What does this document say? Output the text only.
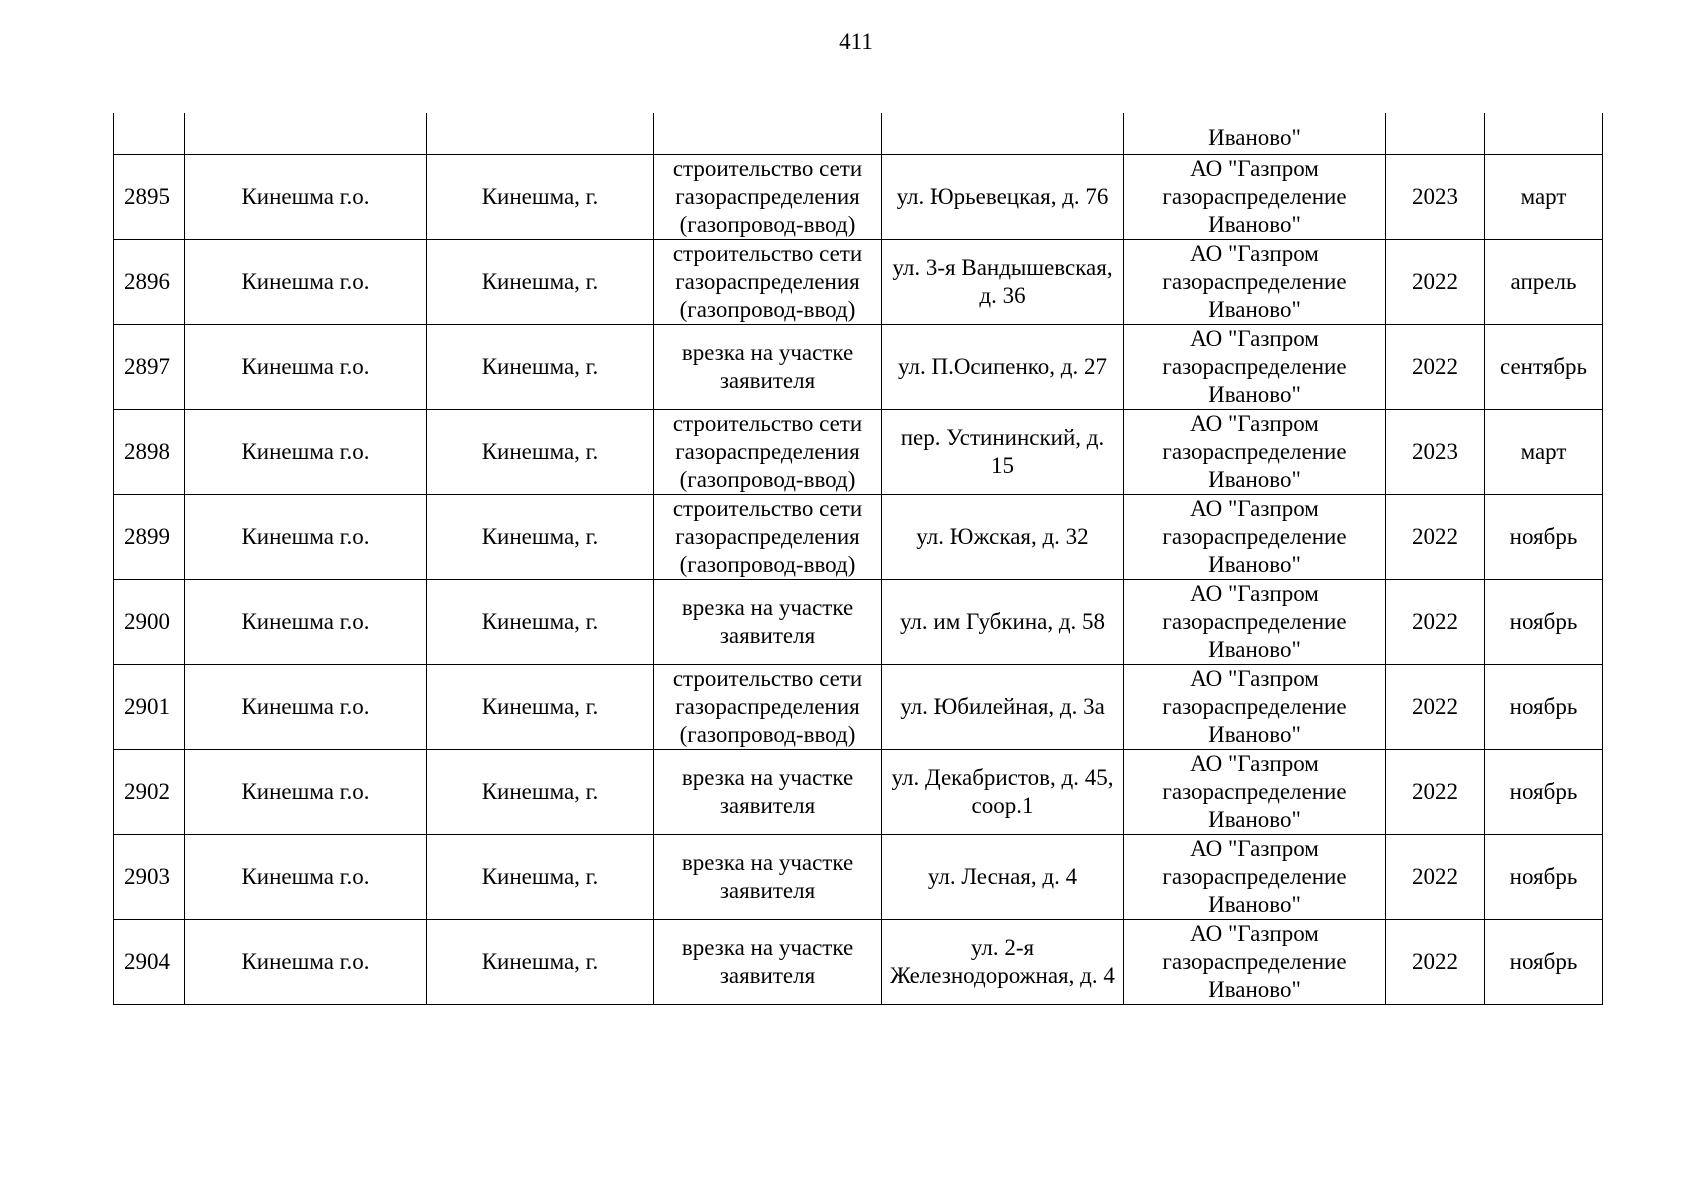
411
					Иваново"		
2895	Кинешма г.о.	Кинешма, г.	строительство сети газораспределения (газопровод-ввод)	ул. Юрьевецкая, д. 76	АО "Газпром газораспределение Иваново"	2023	март
2896	Кинешма г.о.	Кинешма, г.	строительство сети газораспределения (газопровод-ввод)	ул. 3-я Вандышевская, д. 36	АО "Газпром газораспределение Иваново"	2022	апрель
2897	Кинешма г.о.	Кинешма, г.	врезка на участке заявителя	ул. П.Осипенко, д. 27	АО "Газпром газораспределение Иваново"	2022	сентябрь
2898	Кинешма г.о.	Кинешма, г.	строительство сети газораспределения (газопровод-ввод)	пер. Устининский, д. 15	АО "Газпром газораспределение Иваново"	2023	март
2899	Кинешма г.о.	Кинешма, г.	строительство сети газораспределения (газопровод-ввод)	ул. Южская, д. 32	АО "Газпром газораспределение Иваново"	2022	ноябрь
2900	Кинешма г.о.	Кинешма, г.	врезка на участке заявителя	ул. им Губкина, д. 58	АО "Газпром газораспределение Иваново"	2022	ноябрь
2901	Кинешма г.о.	Кинешма, г.	строительство сети газораспределения (газопровод-ввод)	ул. Юбилейная, д. 3а	АО "Газпром газораспределение Иваново"	2022	ноябрь
2902	Кинешма г.о.	Кинешма, г.	врезка на участке заявителя	ул. Декабристов, д. 45, соор.1	АО "Газпром газораспределение Иваново"	2022	ноябрь
2903	Кинешма г.о.	Кинешма, г.	врезка на участке заявителя	ул. Лесная, д. 4	АО "Газпром газораспределение Иваново"	2022	ноябрь
2904	Кинешма г.о.	Кинешма, г.	врезка на участке заявителя	ул. 2-я Железнодорожная, д. 4	АО "Газпром газораспределение Иваново"	2022	ноябрь
